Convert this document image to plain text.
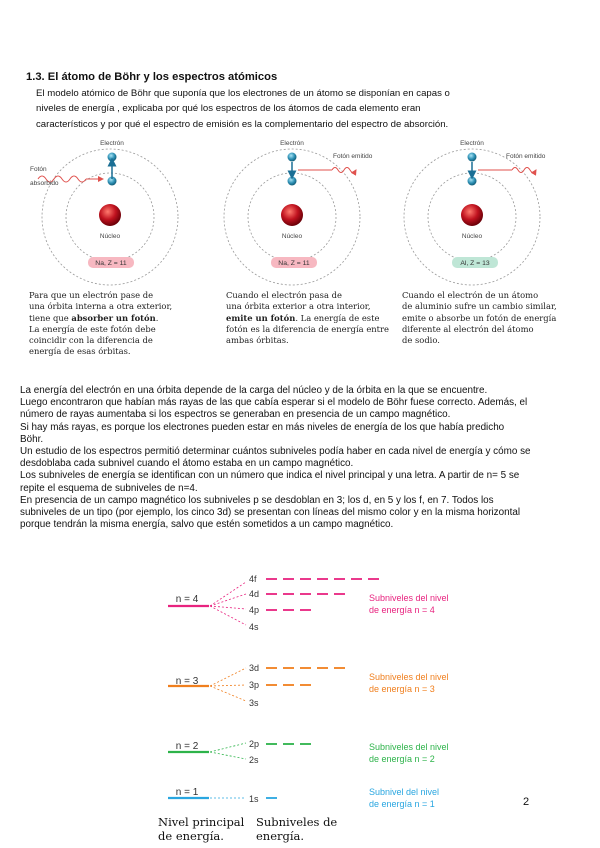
1.3. El átomo de Böhr y los espectros atómicos
El modelo atómico de Böhr que suponía que los electrones de un átomo se disponían en capas o
niveles de energía , explicaba por qué los espectros de los átomos de cada elemento eran
característicos y por qué el espectro de emisión es la complementario del espectro de absorción.
Núcleo
Na, Z = 11
Electrón
Fotón
absorbido
Núcleo
Na, Z = 11
Electrón
Fotón emitido
Núcleo
Al, Z = 13
Electrón
Fotón emitido
Para que un electrón pase de
una órbita interna a otra exterior,
tiene que absorber un fotón.
La energía de este fotón debe
coincidir con la diferencia de
energía de esas órbitas.
Cuando el electrón pasa de
una órbita exterior a otra interior,
emite un fotón. La energía de este
fotón es la diferencia de energía entre
ambas órbitas.
Cuando el electrón de un átomo
de aluminio sufre un cambio similar,
emite o absorbe un fotón de energía
diferente al electrón del átomo
de sodio.
La energía del electrón en una órbita depende de la carga del núcleo y de la órbita en la que se encuentre.
Luego encontraron que habían más rayas de las que cabía esperar si el modelo de Böhr fuese correcto. Además, el
número de rayas aumentaba si los espectros se generaban en presencia de un campo magnético.
Si hay más rayas, es porque los electrones pueden estar en más niveles de energía de los que había predicho
Böhr.
Un estudio de los espectros permitió determinar cuántos subniveles podía haber en cada nivel de energía y cómo se
desdoblaba cada subnivel cuando el átomo estaba en un campo magnético.
Los subniveles de energía se identifican con un número que indica el nivel principal y una letra. A partir de n= 5 se
repite el esquema de subniveles de n=4.
En presencia de un campo magnético los subniveles p se desdoblan en 3; los d, en 5 y los f, en 7. Todos los
subniveles de un tipo (por ejemplo, los cinco 3d) se presentan con líneas del mismo color y en la misma horizontal
porque tendrán la misma energía, salvo que estén sometidos a un campo magnético.
n = 4
4f
4d
4p
4s
Subniveles del nivel
de energía n = 4
n = 3
3d
3p
3s
Subniveles del nivel
de energía n = 3
n = 2	2p
2s
Subniveles del nivel
de energía n = 2
n = 1
1s
Subnivel del nivel
de energía n = 1
Nivel principal
de energía.
Subniveles de
energía.
2
